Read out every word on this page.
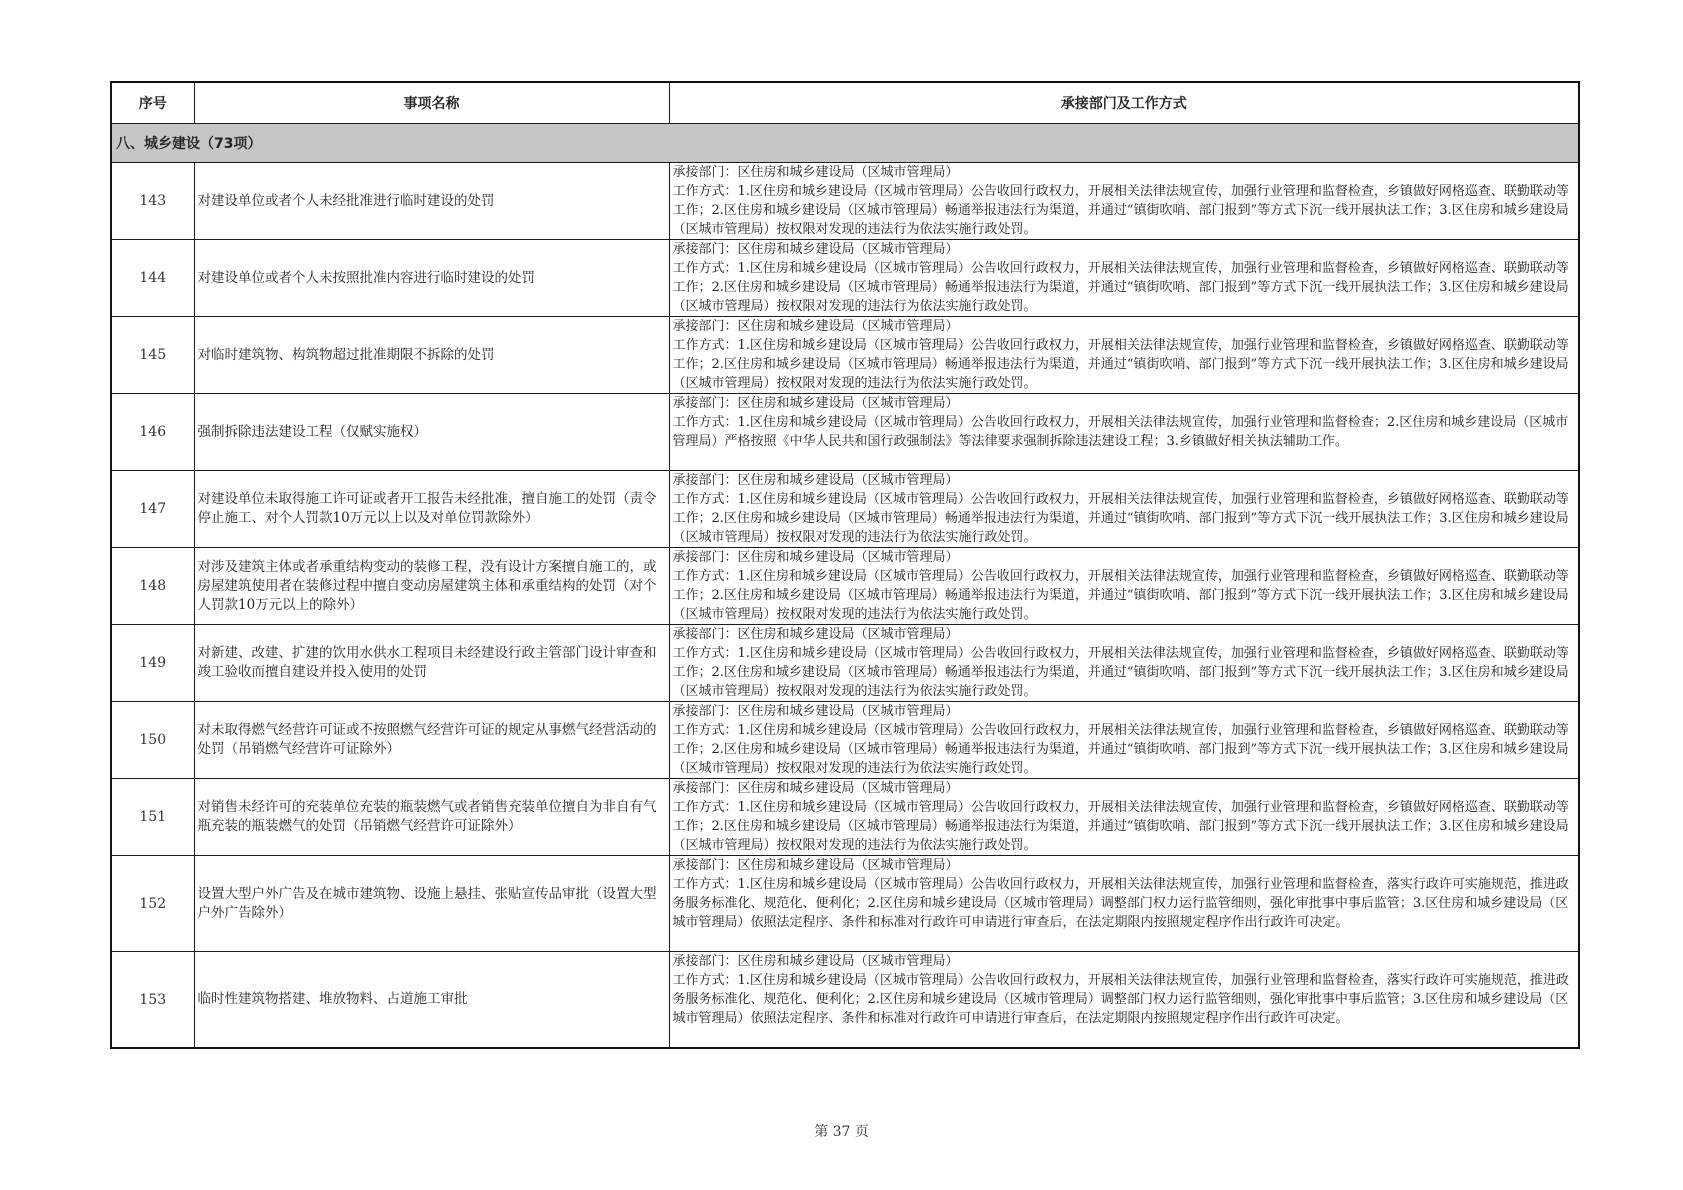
序号	事项名称	承接部门及工作方式
八、城乡建设（73项）		
143	对建设单位或者个人未经批准进行临时建设的处罚	承接部门：区住房和城乡建设局（区城市管理局）
工作方式：1.区住房和城乡建设局（区城市管理局）公告收回行政权力，开展相关法律法规宣传，加强行业管理和监督检查，乡镇做好网格巡查、联勤联动等工作；2.区住房和城乡建设局（区城市管理局）畅通举报违法行为渠道，并通过“镇街吹哨、部门报到”等方式下沉一线开展执法工作；3.区住房和城乡建设局（区城市管理局）按权限对发现的违法行为依法实施行政处罚。

144	对建设单位或者个人未按照批准内容进行临时建设的处罚	承接部门：区住房和城乡建设局（区城市管理局）
工作方式：1.区住房和城乡建设局（区城市管理局）公告收回行政权力，开展相关法律法规宣传，加强行业管理和监督检查，乡镇做好网格巡查、联勤联动等工作；2.区住房和城乡建设局（区城市管理局）畅通举报违法行为渠道，并通过“镇街吹哨、部门报到”等方式下沉一线开展执法工作；3.区住房和城乡建设局（区城市管理局）按权限对发现的违法行为依法实施行政处罚。

145	对临时建筑物、构筑物超过批准期限不拆除的处罚	承接部门：区住房和城乡建设局（区城市管理局）
工作方式：1.区住房和城乡建设局（区城市管理局）公告收回行政权力，开展相关法律法规宣传，加强行业管理和监督检查，乡镇做好网格巡查、联勤联动等工作；2.区住房和城乡建设局（区城市管理局）畅通举报违法行为渠道，并通过“镇街吹哨、部门报到”等方式下沉一线开展执法工作；3.区住房和城乡建设局（区城市管理局）按权限对发现的违法行为依法实施行政处罚。

146	强制拆除违法建设工程（仅赋实施权）	承接部门：区住房和城乡建设局（区城市管理局）
工作方式：1.区住房和城乡建设局（区城市管理局）公告收回行政权力，开展相关法律法规宣传，加强行业管理和监督检查；2.区住房和城乡建设局（区城市管理局）严格按照《中华人民共和国行政强制法》等法律要求强制拆除违法建设工程；3.乡镇做好相关执法辅助工作。

147	对建设单位未取得施工许可证或者开工报告未经批准，擅自施工的处罚（责令停止施工、对个人罚款10万元以上以及对单位罚款除外）	承接部门：区住房和城乡建设局（区城市管理局）
工作方式：1.区住房和城乡建设局（区城市管理局）公告收回行政权力，开展相关法律法规宣传，加强行业管理和监督检查，乡镇做好网格巡查、联勤联动等工作；2.区住房和城乡建设局（区城市管理局）畅通举报违法行为渠道，并通过“镇街吹哨、部门报到”等方式下沉一线开展执法工作；3.区住房和城乡建设局（区城市管理局）按权限对发现的违法行为依法实施行政处罚。

148	对涉及建筑主体或者承重结构变动的装修工程，没有设计方案擅自施工的，或房屋建筑使用者在装修过程中擅自变动房屋建筑主体和承重结构的处罚（对个人罚款10万元以上的除外）	承接部门：区住房和城乡建设局（区城市管理局）
工作方式：1.区住房和城乡建设局（区城市管理局）公告收回行政权力，开展相关法律法规宣传，加强行业管理和监督检查，乡镇做好网格巡查、联勤联动等工作；2.区住房和城乡建设局（区城市管理局）畅通举报违法行为渠道，并通过“镇街吹哨、部门报到”等方式下沉一线开展执法工作；3.区住房和城乡建设局（区城市管理局）按权限对发现的违法行为依法实施行政处罚。

149	对新建、改建、扩建的饮用水供水工程项目未经建设行政主管部门设计审查和竣工验收而擅自建设并投入使用的处罚	承接部门：区住房和城乡建设局（区城市管理局）
工作方式：1.区住房和城乡建设局（区城市管理局）公告收回行政权力，开展相关法律法规宣传，加强行业管理和监督检查，乡镇做好网格巡查、联勤联动等工作；2.区住房和城乡建设局（区城市管理局）畅通举报违法行为渠道，并通过“镇街吹哨、部门报到”等方式下沉一线开展执法工作；3.区住房和城乡建设局（区城市管理局）按权限对发现的违法行为依法实施行政处罚。

150	对未取得燃气经营许可证或不按照燃气经营许可证的规定从事燃气经营活动的处罚（吊销燃气经营许可证除外）	承接部门：区住房和城乡建设局（区城市管理局）
工作方式：1.区住房和城乡建设局（区城市管理局）公告收回行政权力，开展相关法律法规宣传，加强行业管理和监督检查，乡镇做好网格巡查、联勤联动等工作；2.区住房和城乡建设局（区城市管理局）畅通举报违法行为渠道，并通过“镇街吹哨、部门报到”等方式下沉一线开展执法工作；3.区住房和城乡建设局（区城市管理局）按权限对发现的违法行为依法实施行政处罚。

151	对销售未经许可的充装单位充装的瓶装燃气或者销售充装单位擅自为非自有气瓶充装的瓶装燃气的处罚（吊销燃气经营许可证除外）	承接部门：区住房和城乡建设局（区城市管理局）
工作方式：1.区住房和城乡建设局（区城市管理局）公告收回行政权力，开展相关法律法规宣传，加强行业管理和监督检查，乡镇做好网格巡查、联勤联动等工作；2.区住房和城乡建设局（区城市管理局）畅通举报违法行为渠道，并通过“镇街吹哨、部门报到”等方式下沉一线开展执法工作；3.区住房和城乡建设局（区城市管理局）按权限对发现的违法行为依法实施行政处罚。

152	设置大型户外广告及在城市建筑物、设施上悬挂、张贴宣传品审批（设置大型户外广告除外）	承接部门：区住房和城乡建设局（区城市管理局）
工作方式：1.区住房和城乡建设局（区城市管理局）公告收回行政权力，开展相关法律法规宣传，加强行业管理和监督检查，落实行政许可实施规范，推进政务服务标准化、规范化、便利化；2.区住房和城乡建设局（区城市管理局）调整部门权力运行监管细则，强化审批事中事后监管；3.区住房和城乡建设局（区城市管理局）依照法定程序、条件和标准对行政许可申请进行审查后，在法定期限内按照规定程序作出行政许可决定。

153	临时性建筑物搭建、堆放物料、占道施工审批	承接部门：区住房和城乡建设局（区城市管理局）
工作方式：1.区住房和城乡建设局（区城市管理局）公告收回行政权力，开展相关法律法规宣传，加强行业管理和监督检查，落实行政许可实施规范，推进政务服务标准化、规范化、便利化；2.区住房和城乡建设局（区城市管理局）调整部门权力运行监管细则，强化审批事中事后监管；3.区住房和城乡建设局（区城市管理局）依照法定程序、条件和标准对行政许可申请进行审查后，在法定期限内按照规定程序作出行政许可决定。
第 37 页
